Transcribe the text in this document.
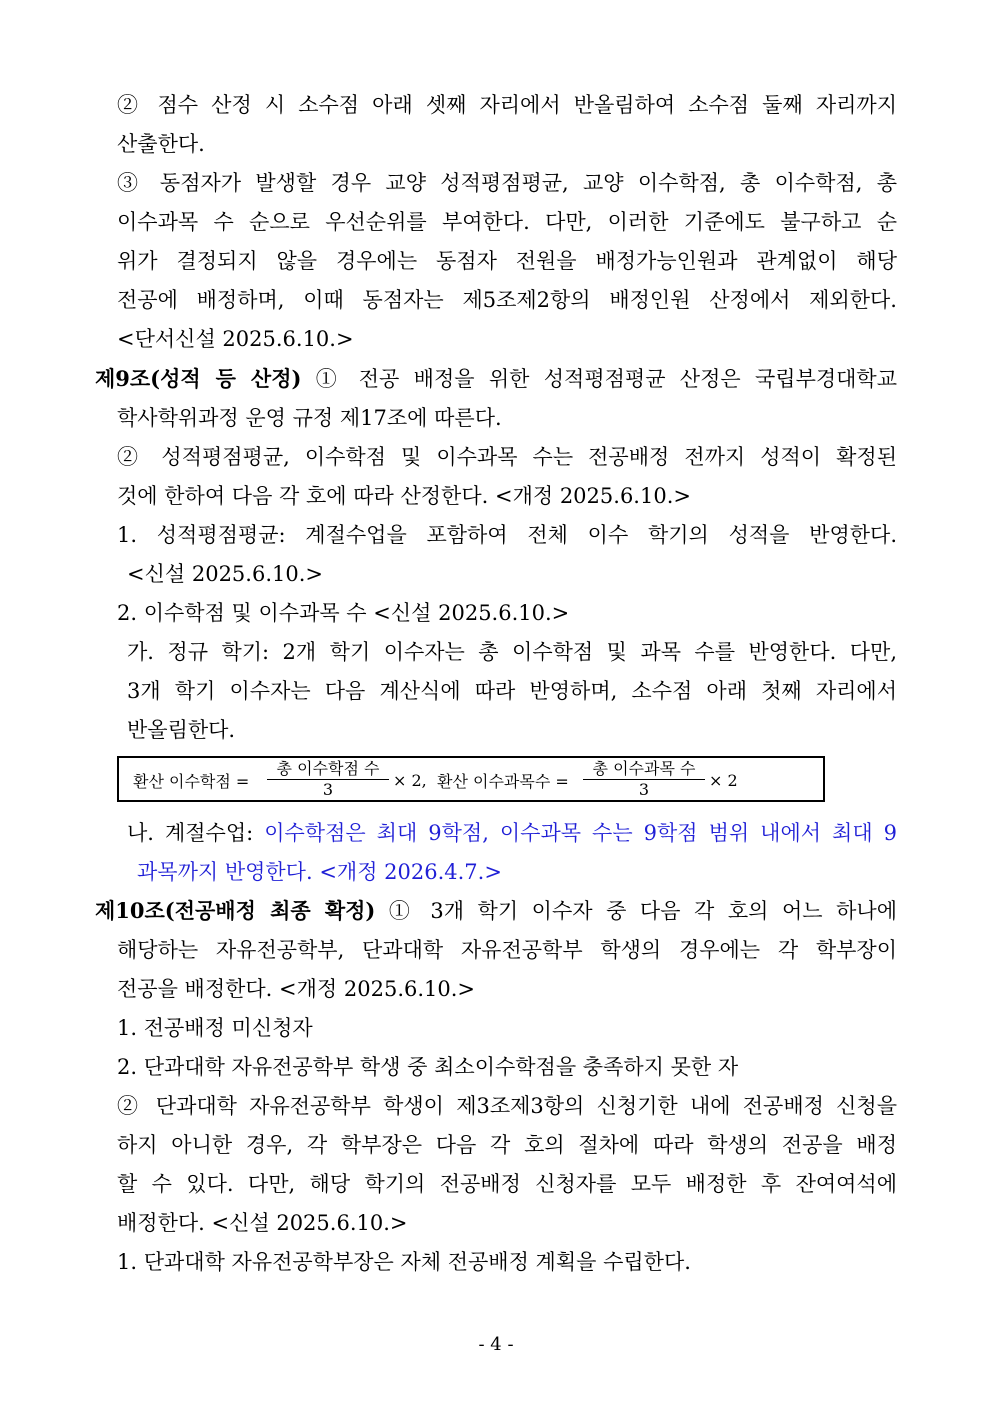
② 점수 산정 시 소수점 아래 셋째 자리에서 반올림하여 소수점 둘째 자리까지
산출한다.
③ 동점자가 발생할 경우 교양 성적평점평균, 교양 이수학점, 총 이수학점, 총
이수과목 수 순으로 우선순위를 부여한다. 다만, 이러한 기준에도 불구하고 순
위가 결정되지 않을 경우에는 동점자 전원을 배정가능인원과 관계없이 해당
전공에 배정하며, 이때 동점자는 제5조제2항의 배정인원 산정에서 제외한다.
<단서신설 2025.6.10.>
제9조(성적 등 산정) ① 전공 배정을 위한 성적평점평균 산정은 국립부경대학교
학사학위과정 운영 규정 제17조에 따른다.
② 성적평점평균, 이수학점 및 이수과목 수는 전공배정 전까지 성적이 확정된
것에 한하여 다음 각 호에 따라 산정한다. <개정 2025.6.10.>
1. 성적평점평균: 계절수업을 포함하여 전체 이수 학기의 성적을 반영한다.
<신설 2025.6.10.>
2. 이수학점 및 이수과목 수 <신설 2025.6.10.>
가. 정규 학기: 2개 학기 이수자는 총 이수학점 및 과목 수를 반영한다. 다만,
3개 학기 이수자는 다음 계산식에 따라 반영하며, 소수점 아래 첫째 자리에서
반올림한다.
환산 이수학점 =
총 이수학점 수
3	× 2, 환산 이수과목수 =
총 이수과목 수
3	× 2
나. 계절수업: 이수학점은 최대 9학점, 이수과목 수는 9학점 범위 내에서 최대 9
과목까지 반영한다. <개정 2026.4.7.>
제10조(전공배정 최종 확정) ① 3개 학기 이수자 중 다음 각 호의 어느 하나에
해당하는 자유전공학부, 단과대학 자유전공학부 학생의 경우에는 각 학부장이
전공을 배정한다. <개정 2025.6.10.>
1. 전공배정 미신청자
2. 단과대학 자유전공학부 학생 중 최소이수학점을 충족하지 못한 자
② 단과대학 자유전공학부 학생이 제3조제3항의 신청기한 내에 전공배정 신청을
하지 아니한 경우, 각 학부장은 다음 각 호의 절차에 따라 학생의 전공을 배정
할 수 있다. 다만, 해당 학기의 전공배정 신청자를 모두 배정한 후 잔여여석에
배정한다. <신설 2025.6.10.>
1. 단과대학 자유전공학부장은 자체 전공배정 계획을 수립한다.
- 4 -
